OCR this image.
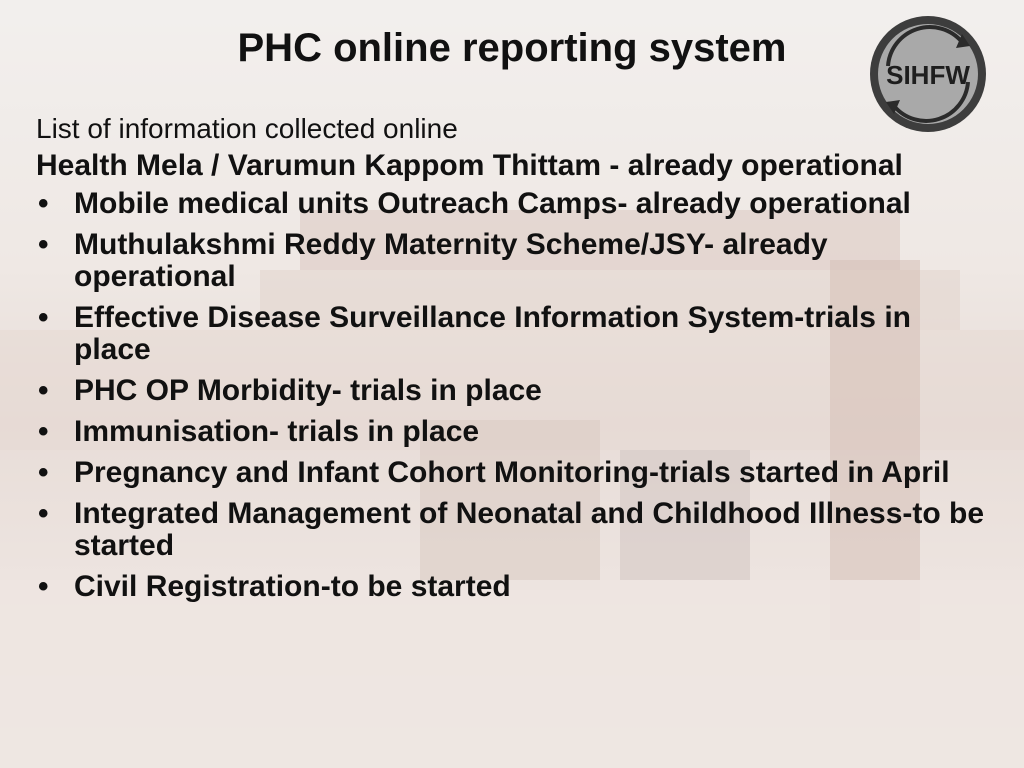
PHC online reporting system
SIHFW

List of information collected online

Health Mela / Varumun Kappom Thittam - already operational

• Mobile medical units Outreach Camps- already operational
• Muthulakshmi Reddy Maternity Scheme/JSY- already operational
• Effective Disease Surveillance Information System-trials in place
• PHC OP Morbidity- trials in place
• Immunisation- trials in place
• Pregnancy and Infant Cohort Monitoring-trials started in April
• Integrated Management of Neonatal and Childhood Illness-to be started
• Civil Registration-to be started
